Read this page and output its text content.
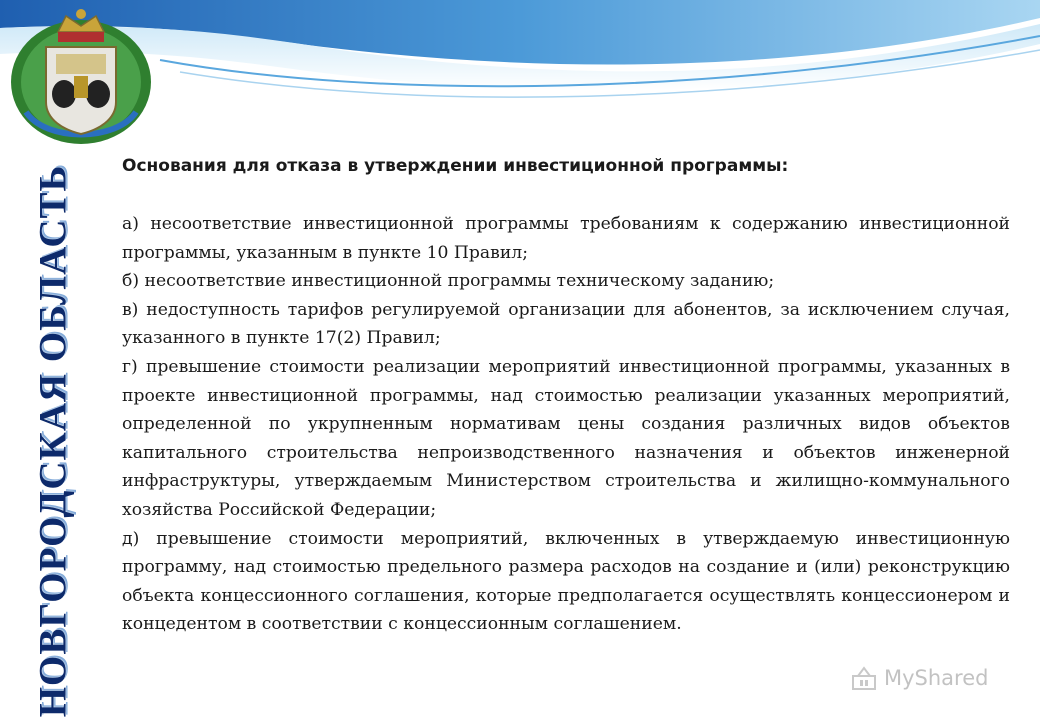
НОВГОРОДСКАЯ ОБЛАСТЬ	Основания для отказа в утверждении инвестиционной программы:

а) несоответствие инвестиционной программы требованиям к содержанию инвестиционной программы, указанным в пункте 10 Правил;

б) несоответствие инвестиционной программы техническому заданию;

в) недоступность тарифов регулируемой организации для абонентов, за исключением случая, указанного в пункте 17(2) Правил;

г) превышение стоимости реализации мероприятий инвестиционной программы, указанных в проекте инвестиционной программы, над стоимостью реализации указанных мероприятий, определенной по укрупненным нормативам цены создания различных видов объектов капитального строительства непроизводственного назначения и объектов инженерной инфраструктуры, утверждаемым Министерством строительства и жилищно-коммунального хозяйства Российской Федерации;

д) превышение стоимости мероприятий, включенных в утверждаемую инвестиционную программу, над стоимостью предельного размера расходов на создание и (или) реконструкцию объекта концессионного соглашения, которые предполагается осуществлять концессионером и концедентом в соответствии с концессионным соглашением.

MyShared
